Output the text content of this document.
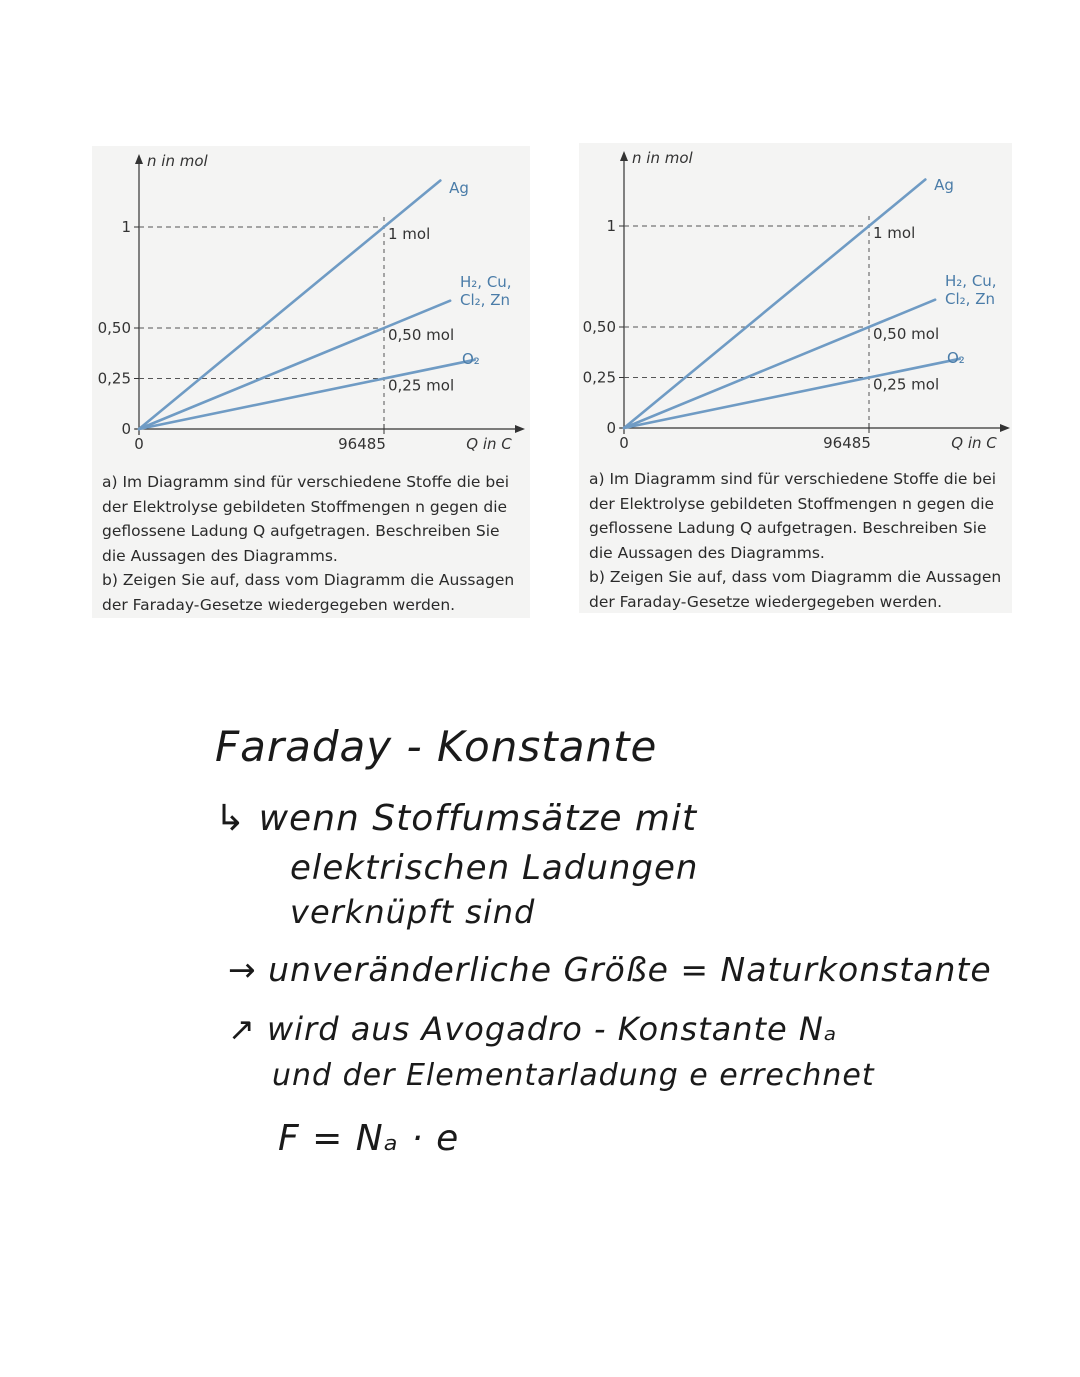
1
0,50
0,25
0
0	96485	Q in C
n in mol
Ag
H₂, Cu,
Cl₂, Zn
O₂
1 mol
0,50 mol
0,25 mol

a) Im Diagramm sind für verschiedene Stoffe die bei der Elektrolyse gebildeten Stoffmengen n gegen die geflossene Ladung Q aufgetragen. Beschreiben Sie die Aussagen des Diagramms.

b) Zeigen Sie auf, dass vom Diagramm die Aussagen der Faraday-Gesetze wiedergegeben werden.

1
0,50
0,25
0
0	96485	Q in C
n in mol
Ag
H₂, Cu,
Cl₂, Zn
O₂
1 mol
0,50 mol
0,25 mol

a) Im Diagramm sind für verschiedene Stoffe die bei der Elektrolyse gebildeten Stoffmengen n gegen die geflossene Ladung Q aufgetragen. Beschreiben Sie die Aussagen des Diagramms.

b) Zeigen Sie auf, dass vom Diagramm die Aussagen der Faraday-Gesetze wiedergegeben werden.

Faraday - Konstante
↳ wenn Stoffumsätze mit
elektrischen Ladungen
verknüpft sind
→ unveränderliche Größe = Naturkonstante
↗ wird aus Avogadro - Konstante Nₐ
und der Elementarladung e errechnet
F = Nₐ · e
